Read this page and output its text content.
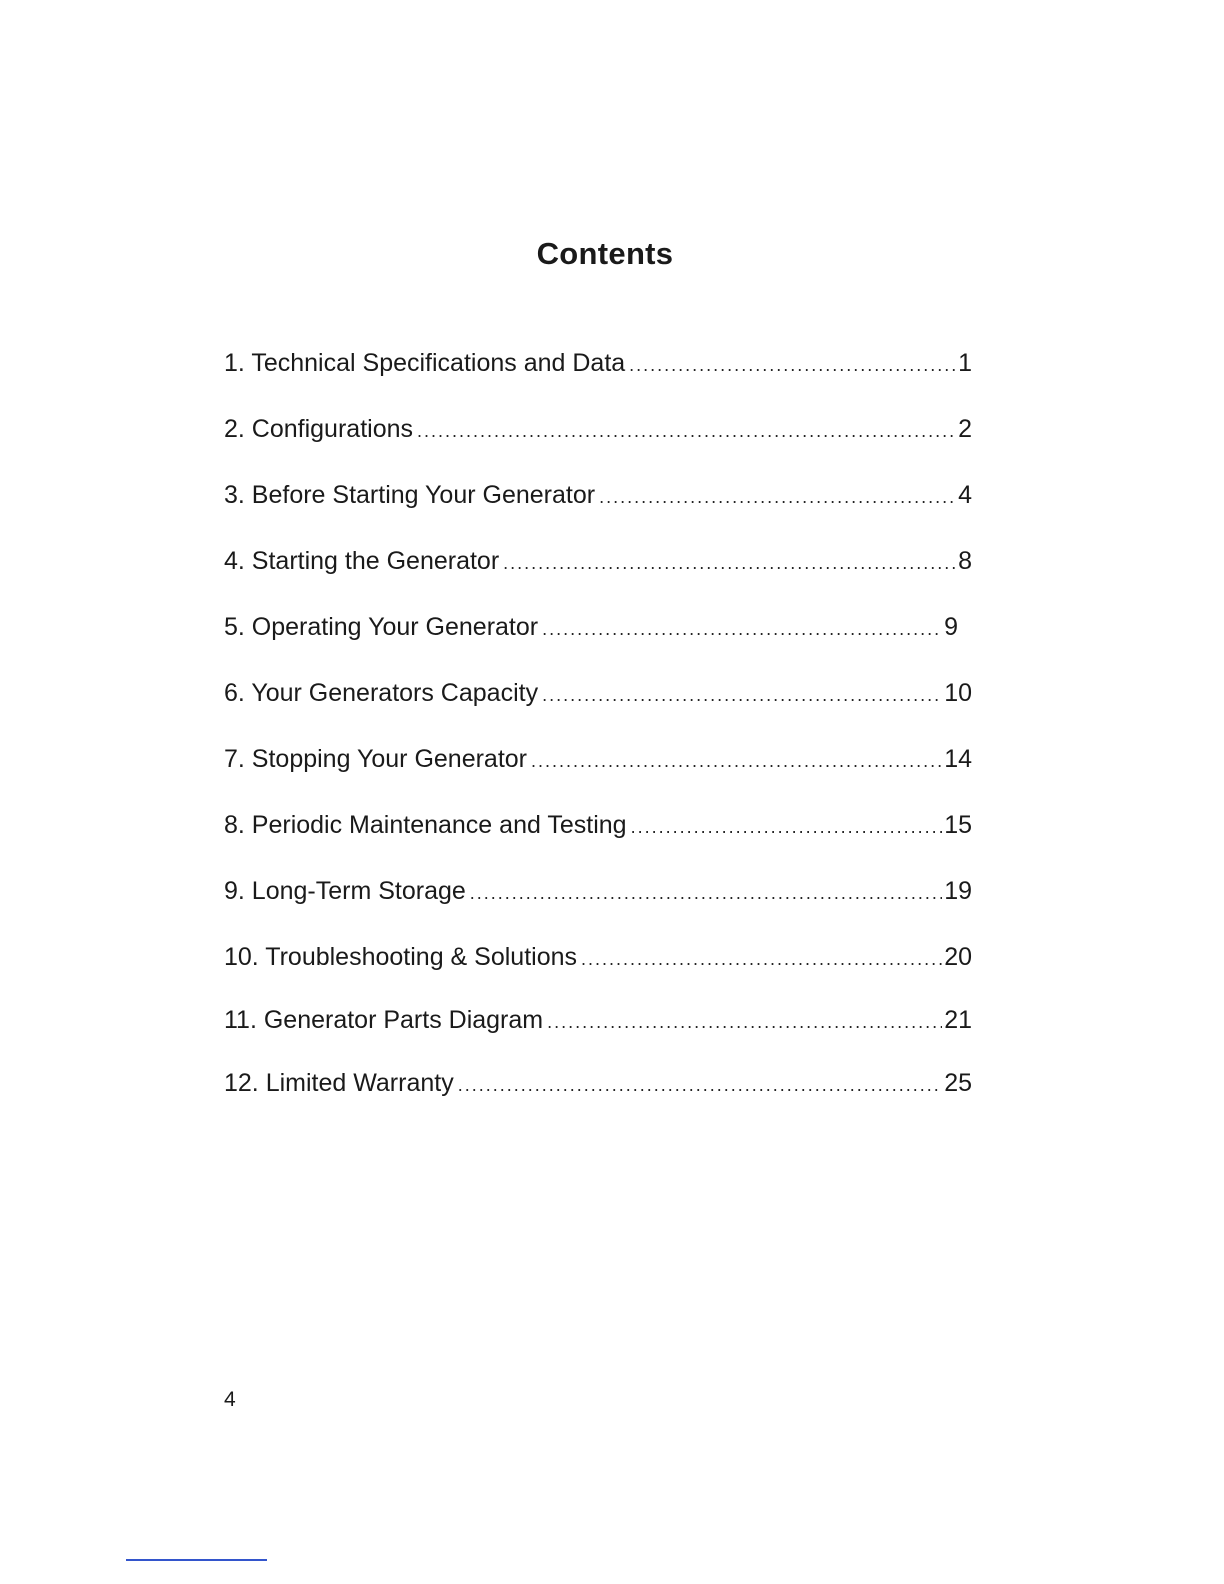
Contents
1. Technical Specifications and Data .....	1
2. Configurations .....	2
3. Before Starting Your Generator .....	4
4. Starting the Generator .....	8
5. Operating Your Generator .....	9
6. Your Generators Capacity .....	10
7. Stopping Your Generator .....	14
8. Periodic Maintenance and Testing .....	15
9. Long-Term Storage .....	19
10. Troubleshooting & Solutions .....	20
11. Generator Parts Diagram .....	21
12. Limited Warranty .....	25
4
